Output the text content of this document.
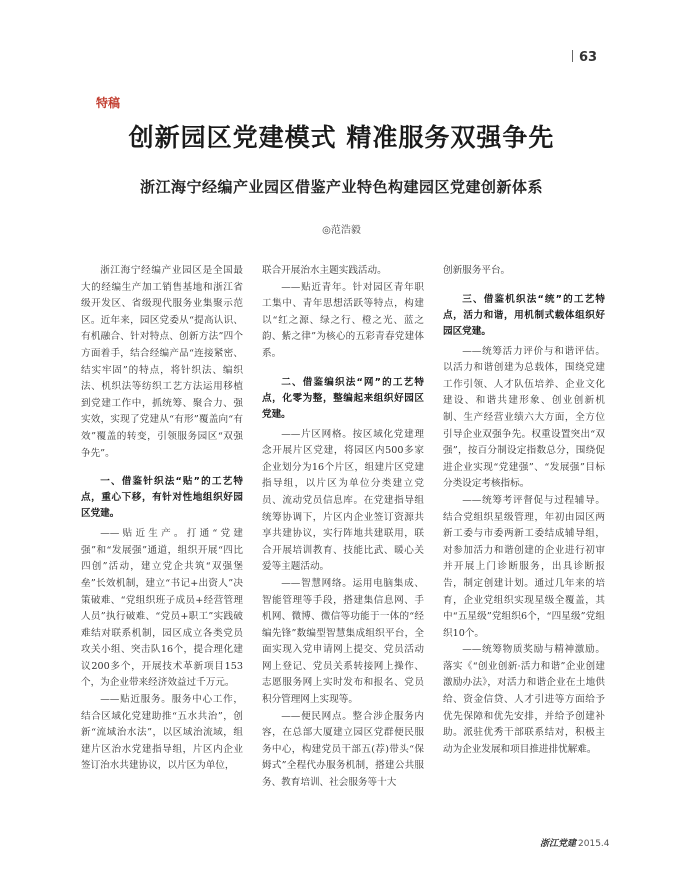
63
特稿
创新园区党建模式 精准服务双强争先
浙江海宁经编产业园区借鉴产业特色构建园区党建创新体系
◎范浩毅

浙江海宁经编产业园区是全国最大的经编生产加工销售基地和浙江省级开发区、省级现代服务业集聚示范区。近年来，园区党委从“提高认识、有机融合、针对特点、创新方法”四个方面着手，结合经编产品“连接紧密、结实牢固”的特点，将针织法、编织法、机织法等纺织工艺方法运用移植到党建工作中，抓统筹、聚合力、强实效，实现了党建从“有形”覆盖向“有效”覆盖的转变，引领服务园区“双强争先”。

一、借鉴针织法“贴”的工艺特点，重心下移，有针对性地组织好园区党建。

——贴近生产。打通“党建强”和“发展强”通道，组织开展“四比四创”活动，建立党企共筑“双强堡垒”长效机制，建立“书记+出资人”决策破难、“党组织班子成员+经营管理人员”执行破难、“党员+职工”实践破难结对联系机制，园区成立各类党员攻关小组、突击队16个，提合理化建议200多个，开展技术革新项目153个，为企业带来经济效益过千万元。

——贴近服务。服务中心工作，结合区域化党建助推“五水共治”，创新“流域治水法”，以区域治流域，组建片区治水党建指导组，片区内企业签订治水共建协议，以片区为单位，

联合开展治水主题实践活动。

——贴近青年。针对园区青年职工集中、青年思想活跃等特点，构建以“红之源、绿之行、橙之光、蓝之韵、紫之律”为核心的五彩青春党建体系。

二、借鉴编织法“网”的工艺特点，化零为整，整编起来组织好园区党建。

——片区网格。按区域化党建理念开展片区党建，将园区内500多家企业划分为16个片区，组建片区党建指导组，以片区为单位分类建立党员、流动党员信息库。在党建指导组统筹协调下，片区内企业签订资源共享共建协议，实行阵地共建联用，联合开展培训教育、技能比武、暖心关爱等主题活动。

——智慧网络。运用电脑集成、智能管理等手段，搭建集信息网、手机网、微博、微信等功能于一体的“经编先锋”数编型智慧集成组织平台，全面实现入党申请网上提交、党员活动网上登记、党员关系转接网上操作、志愿服务网上实时发布和报名、党员积分管理网上实现等。

——便民网点。整合涉企服务内容，在总部大厦建立园区党群便民服务中心，构建党员干部五(荐)带头“保姆式”全程代办服务机制，搭建公共服务、教育培训、社会服务等十大

创新服务平台。

三、借鉴机织法“统”的工艺特点，活力和谐，用机制式载体组织好园区党建。

——统筹活力评价与和谐评估。以活力和谐创建为总载体，围绕党建工作引领、人才队伍培养、企业文化建设、和谐共建形象、创业创新机制、生产经营业绩六大方面，全方位引导企业双强争先。权重设置突出“双强”，按百分制设定指数总分，围绕促进企业实现“党建强”、“发展强”目标分类设定考核指标。

——统筹考评督促与过程辅导。结合党组织星级管理，年初由园区两新工委与市委两新工委结成辅导组，对参加活力和谐创建的企业进行初审并开展上门诊断服务，出具诊断报告，制定创建计划。通过几年来的培育，企业党组织实现星级全覆盖，其中“五星级”党组织6个，“四星级”党组织10个。

——统筹物质奖励与精神激励。落实《“创业创新·活力和谐”企业创建激励办法》，对活力和谐企业在土地供给、资金信贷、人才引进等方面给予优先保障和优先安排，并给予创建补助。派驻优秀干部联系结对，积极主动为企业发展和项目推进排忧解难。

浙江党建 2015.4
